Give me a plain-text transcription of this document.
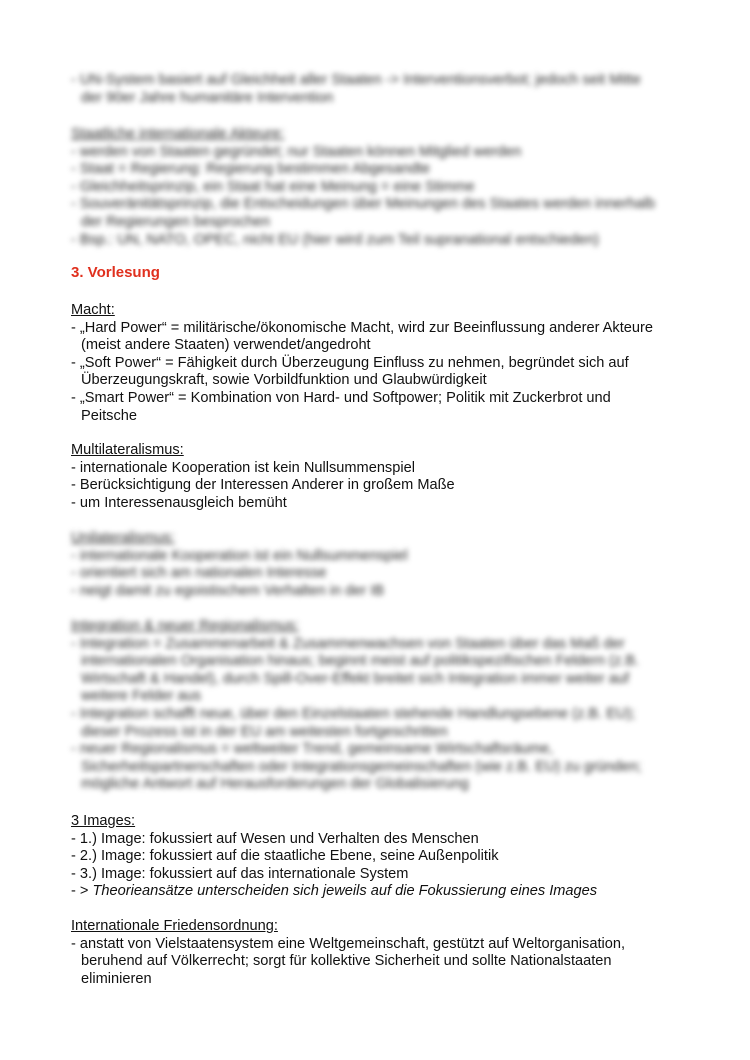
- UN-System basiert auf Gleichheit aller Staaten -> Interventionsverbot; jedoch seit Mitte
der 90er Jahre humanitäre Intervention
Staatliche internationale Akteure:
- werden von Staaten gegründet; nur Staaten können Mitglied werden
- Staat = Regierung: Regierung bestimmen Abgesandte
- Gleichheitsprinzip, ein Staat hat eine Meinung = eine Stimme
- Souveränitätsprinzip, die Entscheidungen über Meinungen des Staates werden innerhalb
der Regierungen besprochen
- Bsp.: UN, NATO, OPEC, nicht EU (hier wird zum Teil supranational entschieden)
3. Vorlesung
Macht:
- „Hard Power“ = militärische/ökonomische Macht, wird zur Beeinflussung anderer Akteure
(meist andere Staaten) verwendet/angedroht
- „Soft Power“ = Fähigkeit durch Überzeugung Einfluss zu nehmen, begründet sich auf
Überzeugungskraft, sowie Vorbildfunktion und Glaubwürdigkeit
- „Smart Power“ = Kombination von Hard- und Softpower; Politik mit Zuckerbrot und
Peitsche
Multilateralismus:
- internationale Kooperation ist kein Nullsummenspiel
- Berücksichtigung der Interessen Anderer in großem Maße
- um Interessenausgleich bemüht
Unilateralismus:
- internationale Kooperation ist ein Nullsummenspiel
- orientiert sich am nationalen Interesse
- neigt damit zu egoistischem Verhalten in der IB
Integration & neuer Regionalismus:
- Integration = Zusammenarbeit & Zusammenwachsen von Staaten über das Maß der
internationalen Organisation hinaus; beginnt meist auf politikspezifischen Feldern (z.B.
Wirtschaft & Handel), durch Spill-Over-Effekt breitet sich Integration immer weiter auf
weitere Felder aus
- Integration schafft neue, über den Einzelstaaten stehende Handlungsebene (z.B. EU);
dieser Prozess ist in der EU am weitesten fortgeschritten
- neuer Regionalismus = weltweiter Trend, gemeinsame Wirtschaftsräume,
Sicherheitspartnerschaften oder Integrationsgemeinschaften (wie z.B. EU) zu gründen;
mögliche Antwort auf Herausforderungen der Globalisierung
3 Images:
- 1.) Image: fokussiert auf Wesen und Verhalten des Menschen
- 2.) Image: fokussiert auf die staatliche Ebene, seine Außenpolitik
- 3.) Image: fokussiert auf das internationale System
- > Theorieansätze unterscheiden sich jeweils auf die Fokussierung eines Images
Internationale Friedensordnung:
- anstatt von Vielstaatensystem eine Weltgemeinschaft, gestützt auf Weltorganisation,
beruhend auf Völkerrecht; sorgt für kollektive Sicherheit und sollte Nationalstaaten
eliminieren
